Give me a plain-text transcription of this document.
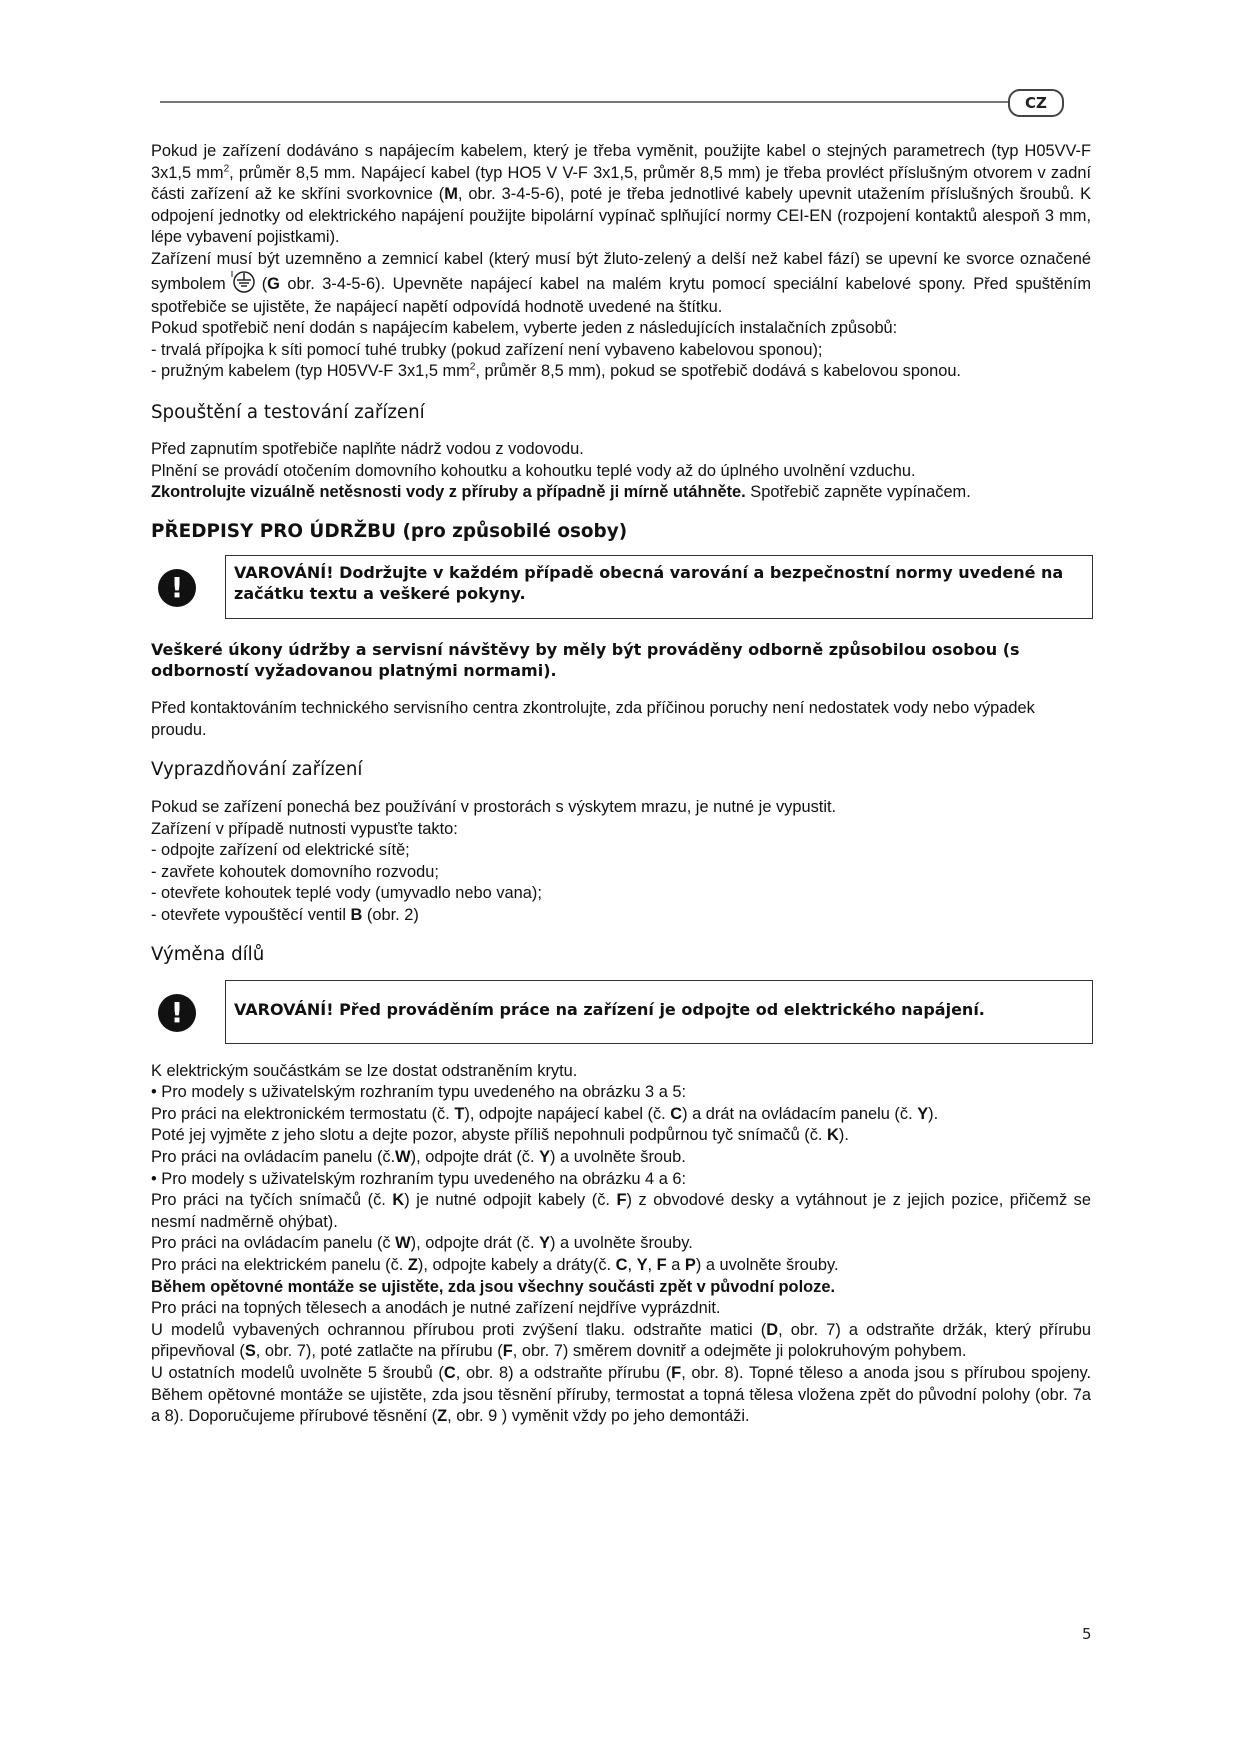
CZ

Pokud je zařízení dodáváno s napájecím kabelem, který je třeba vyměnit, použijte kabel o stejných parametrech (typ H05VV-F 3x1,5 $mm^2$, průměr 8,5 mm. Napájecí kabel (typ HO5 V V-F 3x1,5, průměr 8,5 mm) je třeba provléct příslušným otvorem v zadní části zařízení až ke skříni svorkovnice (M, obr. 3-4-5-6), poté je třeba jednotlivé kabely upevnit utažením příslušných šroubů. K odpojení jednotky od elektrického napájení použijte bipolární vypínač splňující normy CEI-EN (rozpojení kontaktů alespoň 3 mm, lépe vybavení pojistkami).

Zařízení musí být uzemněno a zemnicí kabel (který musí být žluto-zelený a delší než kabel fází) se upevní ke svorce označené symbolem (G obr. 3-4-5-6). Upevněte napájecí kabel na malém krytu pomocí speciální kabelové spony. Před spuštěním spotřebiče se ujistěte, že napájecí napětí odpovídá hodnotě uvedené na štítku.

Pokud spotřebič není dodán s napájecím kabelem, vyberte jeden z následujících instalačních způsobů:

- trvalá přípojka k síti pomocí tuhé trubky (pokud zařízení není vybaveno kabelovou sponou);

- pružným kabelem (typ H05VV-F 3x1,5 $mm^2$, průměr 8,5 mm), pokud se spotřebič dodává s kabelovou sponou.

Spouštění a testování zařízení

Před zapnutím spotřebiče naplňte nádrž vodou z vodovodu.

Plnění se provádí otočením domovního kohoutku a kohoutku teplé vody až do úplného uvolnění vzduchu.

Zkontrolujte vizuálně netěsnosti vody z příruby a případně ji mírně utáhněte. Spotřebič zapněte vypínačem.

PŘEDPISY PRO ÚDRŽBU (pro způsobilé osoby)
!	VAROVÁNÍ! Dodržujte v každém případě obecná varování a bezpečnostní normy uvedené na začátku textu a veškeré pokyny.

Veškeré úkony údržby a servisní návštěvy by měly být prováděny odborně způsobilou osobou (s odborností vyžadovanou platnými normami).

Před kontaktováním technického servisního centra zkontrolujte, zda příčinou poruchy není nedostatek vody nebo výpadek proudu.

Vyprazdňování zařízení

Pokud se zařízení ponechá bez používání v prostorách s výskytem mrazu, je nutné je vypustit.

Zařízení v případě nutnosti vypusťte takto:

- odpojte zařízení od elektrické sítě;

- zavřete kohoutek domovního rozvodu;

- otevřete kohoutek teplé vody (umyvadlo nebo vana);

- otevřete vypouštěcí ventil B (obr. 2)

Výměna dílů
!	VAROVÁNÍ! Před prováděním práce na zařízení je odpojte od elektrického napájení.

K elektrickým součástkám se lze dostat odstraněním krytu.

• Pro modely s uživatelským rozhraním typu uvedeného na obrázku 3 a 5:

Pro práci na elektronickém termostatu (č. T), odpojte napájecí kabel (č. C) a drát na ovládacím panelu (č. Y).

Poté jej vyjměte z jeho slotu a dejte pozor, abyste příliš nepohnuli podpůrnou tyč snímačů (č. K).

Pro práci na ovládacím panelu (č.W), odpojte drát (č. Y) a uvolněte šroub.

• Pro modely s uživatelským rozhraním typu uvedeného na obrázku 4 a 6:

Pro práci na tyčích snímačů (č. K) je nutné odpojit kabely (č. F) z obvodové desky a vytáhnout je z jejich pozice, přičemž se nesmí nadměrně ohýbat).

Pro práci na ovládacím panelu (č W), odpojte drát (č. Y) a uvolněte šrouby.

Pro práci na elektrickém panelu (č. Z), odpojte kabely a dráty(č. C, Y, F a P) a uvolněte šrouby.

Během opětovné montáže se ujistěte, zda jsou všechny součásti zpět v původní poloze.

Pro práci na topných tělesech a anodách je nutné zařízení nejdříve vyprázdnit.

U modelů vybavených ochrannou přírubou proti zvýšení tlaku. odstraňte matici (D, obr. 7) a odstraňte držák, který přírubu připevňoval (S, obr. 7), poté zatlačte na přírubu (F, obr. 7) směrem dovnitř a odejměte ji polokruhovým pohybem.

U ostatních modelů uvolněte 5 šroubů (C, obr. 8) a odstraňte přírubu (F, obr. 8). Topné těleso a anoda jsou s přírubou spojeny. Během opětovné montáže se ujistěte, zda jsou těsnění příruby, termostat a topná tělesa vložena zpět do původní polohy (obr. 7a a 8). Doporučujeme přírubové těsnění (Z, obr. 9 ) vyměnit vždy po jeho demontáži.

5
